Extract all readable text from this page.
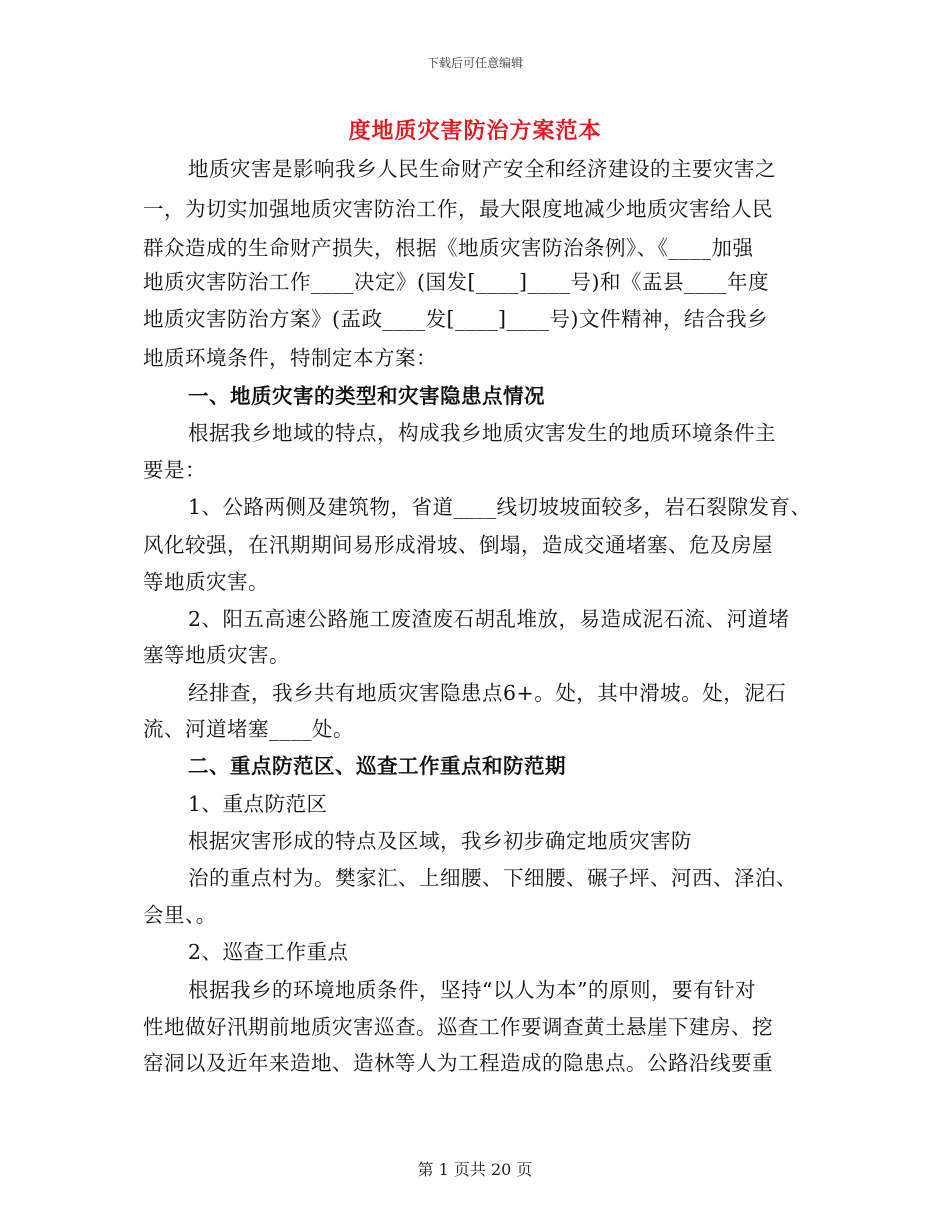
下载后可任意编辑
度地质灾害防治方案范本
地质灾害是影响我乡人民生命财产安全和经济建设的主要灾害之
一，为切实加强地质灾害防治工作，最大限度地减少地质灾害给人民
群众造成的生命财产损失，根据《地质灾害防治条例》、《____加强
地质灾害防治工作____决定》(国发[____]____号)和《盂县____年度
地质灾害防治方案》(盂政____发[____]____号)文件精神，结合我乡
地质环境条件，特制定本方案：
一、地质灾害的类型和灾害隐患点情况
根据我乡地域的特点，构成我乡地质灾害发生的地质环境条件主
要是：
1、公路两侧及建筑物，省道____线切坡坡面较多，岩石裂隙发育、
风化较强，在汛期期间易形成滑坡、倒塌，造成交通堵塞、危及房屋
等地质灾害。
2、阳五高速公路施工废渣废石胡乱堆放，易造成泥石流、河道堵
塞等地质灾害。
经排查，我乡共有地质灾害隐患点6+。处，其中滑坡。处，泥石
流、河道堵塞____处。
二、重点防范区、巡查工作重点和防范期
1、重点防范区
根据灾害形成的特点及区域，我乡初步确定地质灾害防
治的重点村为。樊家汇、上细腰、下细腰、碾子坪、河西、泽泊、
会里、。
2、巡查工作重点
根据我乡的环境地质条件，坚持“以人为本”的原则，要有针对
性地做好汛期前地质灾害巡查。巡查工作要调查黄土悬崖下建房、挖
窑洞以及近年来造地、造林等人为工程造成的隐患点。公路沿线要重
第 1 页共 20 页
